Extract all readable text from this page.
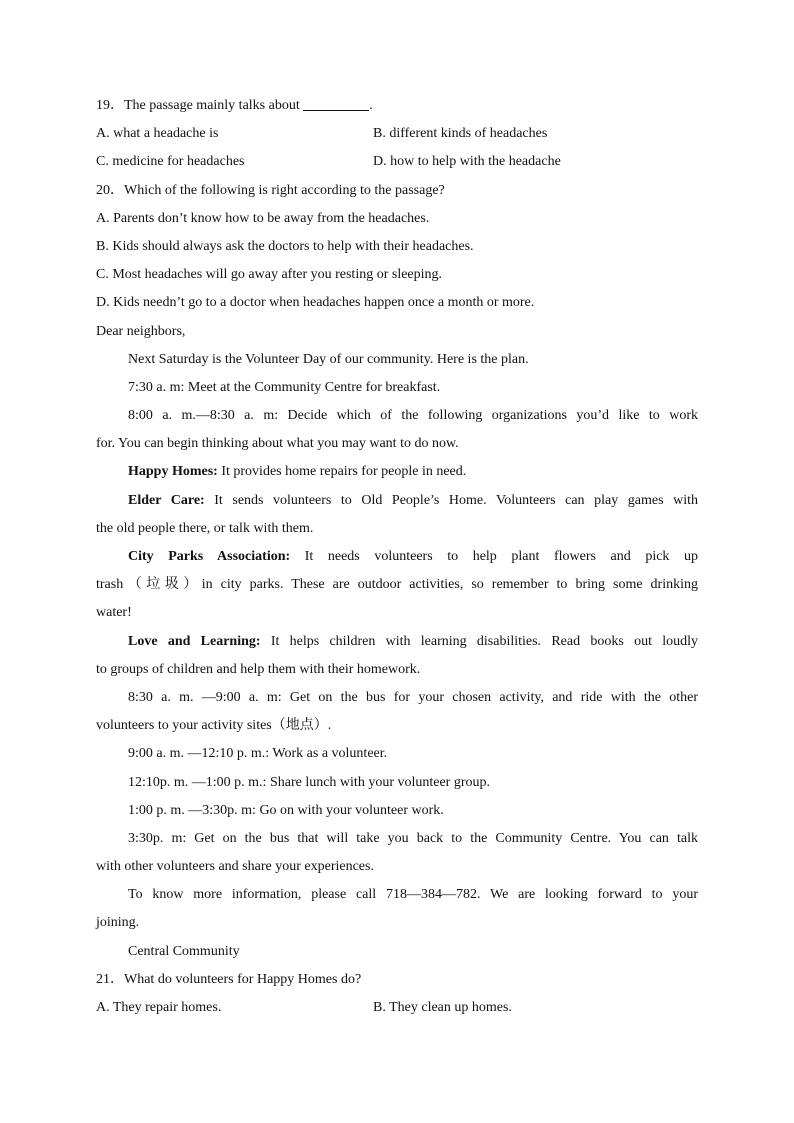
19．The passage mainly talks about	.
A. what a headache is	B. different kinds of headaches
C. medicine for headaches	D. how to help with the headache
20．Which of the following is right according to the passage?
A. Parents don’t know how to be away from the headaches.
B. Kids should always ask the doctors to help with their headaches.
C. Most headaches will go away after you resting or sleeping.
D. Kids needn’t go to a doctor when headaches happen once a month or more.
Dear neighbors,
Next Saturday is the Volunteer Day of our community. Here is the plan.
7:30 a. m: Meet at the Community Centre for breakfast.
8:00 a. m.—8:30 a. m: Decide which of the following organizations you’d like to work
for. You can begin thinking about what you may want to do now.
Happy Homes: It provides home repairs for people in need.
Elder Care: It sends volunteers to Old People’s Home. Volunteers can play games with
the old people there, or talk with them.
City Parks Association: It needs volunteers to help plant flowers and pick up
trash（垃圾）in city parks. These are outdoor activities, so remember to bring some drinking
water!
Love and Learning: It helps children with learning disabilities. Read books out loudly
to groups of children and help them with their homework.
8:30 a. m. —9:00 a. m: Get on the bus for your chosen activity, and ride with the other
volunteers to your activity sites（地点）.
9:00 a. m. —12:10 p. m.: Work as a volunteer.
12:10p. m. —1:00 p. m.: Share lunch with your volunteer group.
1:00 p. m. —3:30p. m: Go on with your volunteer work.
3:30p. m: Get on the bus that will take you back to the Community Centre. You can talk
with other volunteers and share your experiences.
To know more information, please call 718—384—782. We are looking forward to your
joining.
Central Community
21．What do volunteers for Happy Homes do?
A. They repair homes.	B. They clean up homes.
